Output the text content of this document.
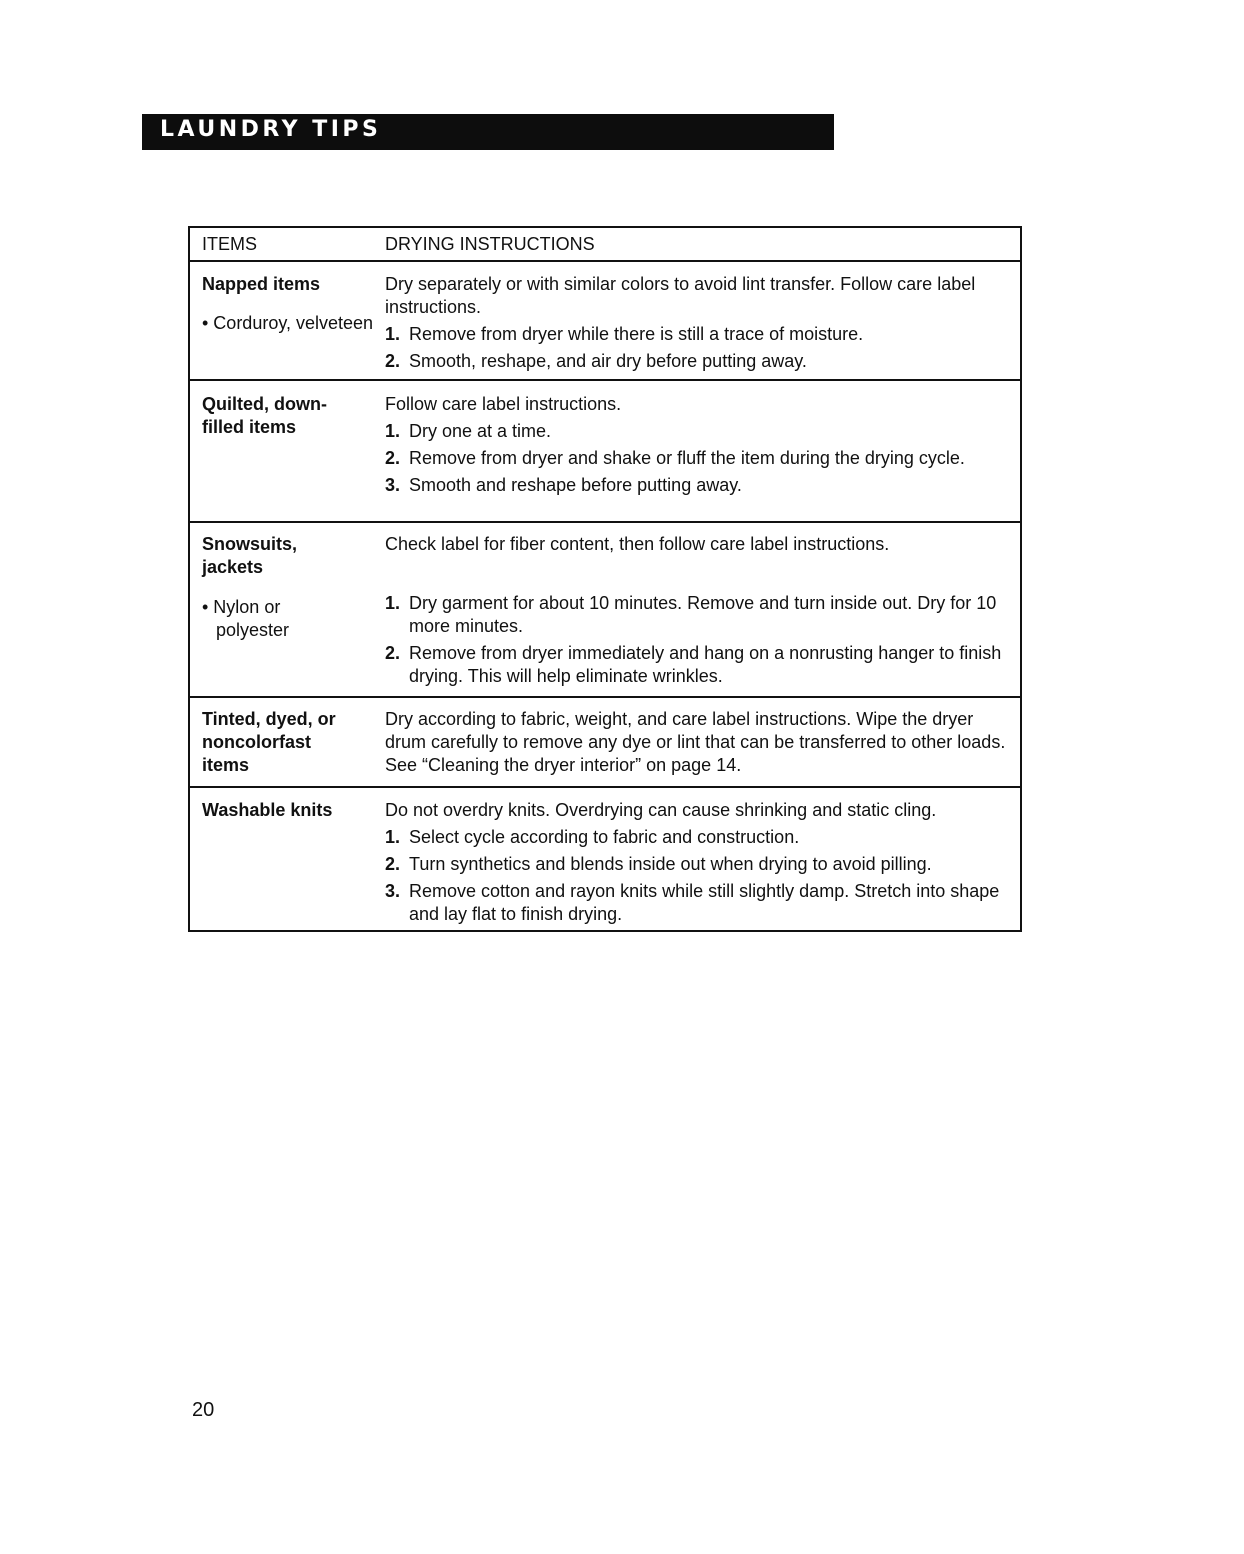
LAUNDRY TIPS
ITEMS	DRYING INSTRUCTIONS
Napped items
• Corduroy, velveteen

Dry separately or with similar colors to avoid lint transfer. Follow care label instructions.

1. Remove from dryer while there is still a trace of moisture.
2. Smooth, reshape, and air dry before putting away.
Quilted, down-filled items

Follow care label instructions.

1. Dry one at a time.
2. Remove from dryer and shake or fluff the item during the drying cycle.
3. Smooth and reshape before putting away.
Snowsuits, jackets
• Nylon or polyester

Check label for fiber content, then follow care label instructions.

1. Dry garment for about 10 minutes. Remove and turn inside out. Dry for 10 more minutes.
2. Remove from dryer immediately and hang on a nonrusting hanger to finish drying. This will help eliminate wrinkles.
Tinted, dyed, or noncolorfast items

Dry according to fabric, weight, and care label instructions. Wipe the dryer drum carefully to remove any dye or lint that can be transferred to other loads. See “Cleaning the dryer interior” on page 14.

Washable knits	Do not overdry knits. Overdrying can cause shrinking and static cling.

1. Select cycle according to fabric and construction.
2. Turn synthetics and blends inside out when drying to avoid pilling.
3. Remove cotton and rayon knits while still slightly damp. Stretch into shape and lay flat to finish drying.
20
